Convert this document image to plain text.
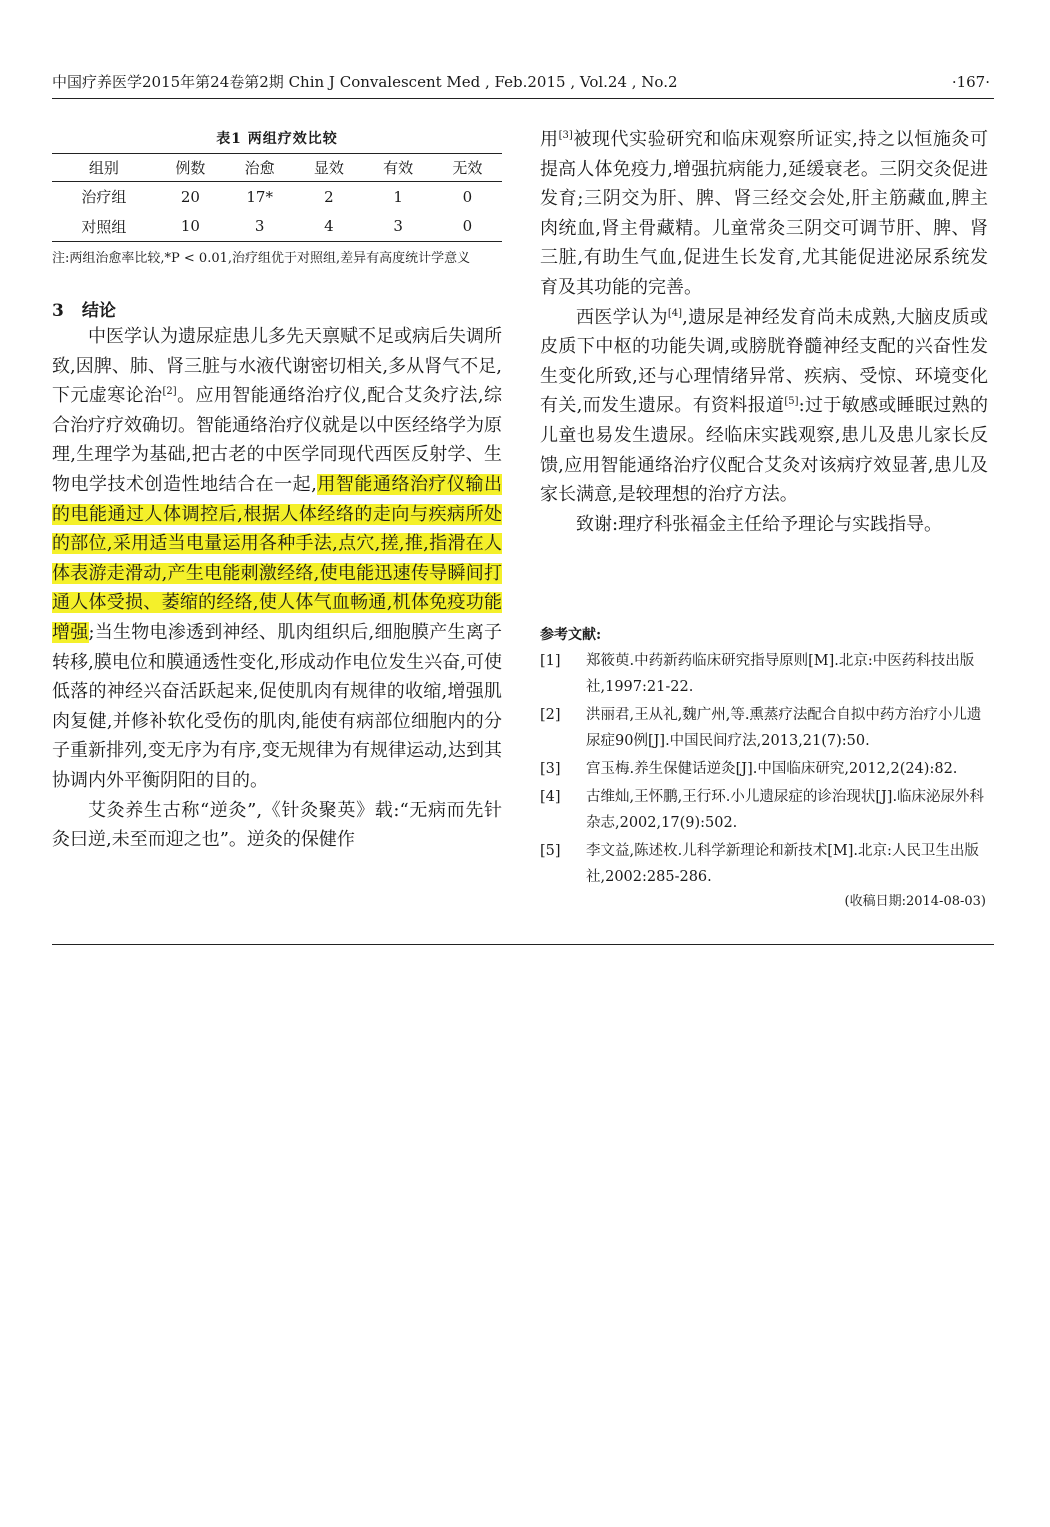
中国疗养医学2015年第24卷第2期 Chin J Convalescent Med , Feb.2015 , Vol.24 , No.2	·167·
表1 两组疗效比较
组别	例数	治愈	显效	有效	无效
治疗组	20	17*	2	1	0
对照组	10	3	4	3	0
注:两组治愈率比较,*P < 0.01,治疗组优于对照组,差异有高度统计学意义
3 结论

中医学认为遗尿症患儿多先天禀赋不足或病后失调所致,因脾、肺、肾三脏与水液代谢密切相关,多从肾气不足,下元虚寒论治[2]。应用智能通络治疗仪,配合艾灸疗法,综合治疗疗效确切。智能通络治疗仪就是以中医经络学为原理,生理学为基础,把古老的中医学同现代西医反射学、生物电学技术创造性地结合在一起,用智能通络治疗仪输出的电能通过人体调控后,根据人体经络的走向与疾病所处的部位,采用适当电量运用各种手法,点穴,搓,推,指滑在人体表游走滑动,产生电能刺激经络,使电能迅速传导瞬间打通人体受损、萎缩的经络,使人体气血畅通,机体免疫功能增强;当生物电渗透到神经、肌肉组织后,细胞膜产生离子转移,膜电位和膜通透性变化,形成动作电位发生兴奋,可使低落的神经兴奋活跃起来,促使肌肉有规律的收缩,增强肌肉复健,并修补软化受伤的肌肉,能使有病部位细胞内的分子重新排列,变无序为有序,变无规律为有规律运动,达到其协调内外平衡阴阳的目的。

艾灸养生古称“逆灸”,《针灸聚英》载:“无病而先针灸曰逆,未至而迎之也”。逆灸的保健作

用[3]被现代实验研究和临床观察所证实,持之以恒施灸可提高人体免疫力,增强抗病能力,延缓衰老。三阴交灸促进发育;三阴交为肝、脾、肾三经交会处,肝主筋藏血,脾主肉统血,肾主骨藏精。儿童常灸三阴交可调节肝、脾、肾三脏,有助生气血,促进生长发育,尤其能促进泌尿系统发育及其功能的完善。

西医学认为[4],遗尿是神经发育尚未成熟,大脑皮质或皮质下中枢的功能失调,或膀胱脊髓神经支配的兴奋性发生变化所致,还与心理情绪异常、疾病、受惊、环境变化有关,而发生遗尿。有资料报道[5]:过于敏感或睡眠过熟的儿童也易发生遗尿。经临床实践观察,患儿及患儿家长反馈,应用智能通络治疗仪配合艾灸对该病疗效显著,患儿及家长满意,是较理想的治疗方法。

致谢:理疗科张福金主任给予理论与实践指导。

参考文献:
[1] 郑筱萸.中药新药临床研究指导原则[M].北京:中医药科技出版社,1997:21-22.
[2] 洪丽君,王从礼,魏广州,等.熏蒸疗法配合自拟中药方治疗小儿遗尿症90例[J].中国民间疗法,2013,21(7):50.
[3] 宫玉梅.养生保健话逆灸[J].中国临床研究,2012,2(24):82.
[4] 古维灿,王怀鹏,王行环.小儿遗尿症的诊治现状[J].临床泌尿外科杂志,2002,17(9):502.
[5] 李文益,陈述枚.儿科学新理论和新技术[M].北京:人民卫生出版社,2002:285-286.
(收稿日期:2014-08-03)
